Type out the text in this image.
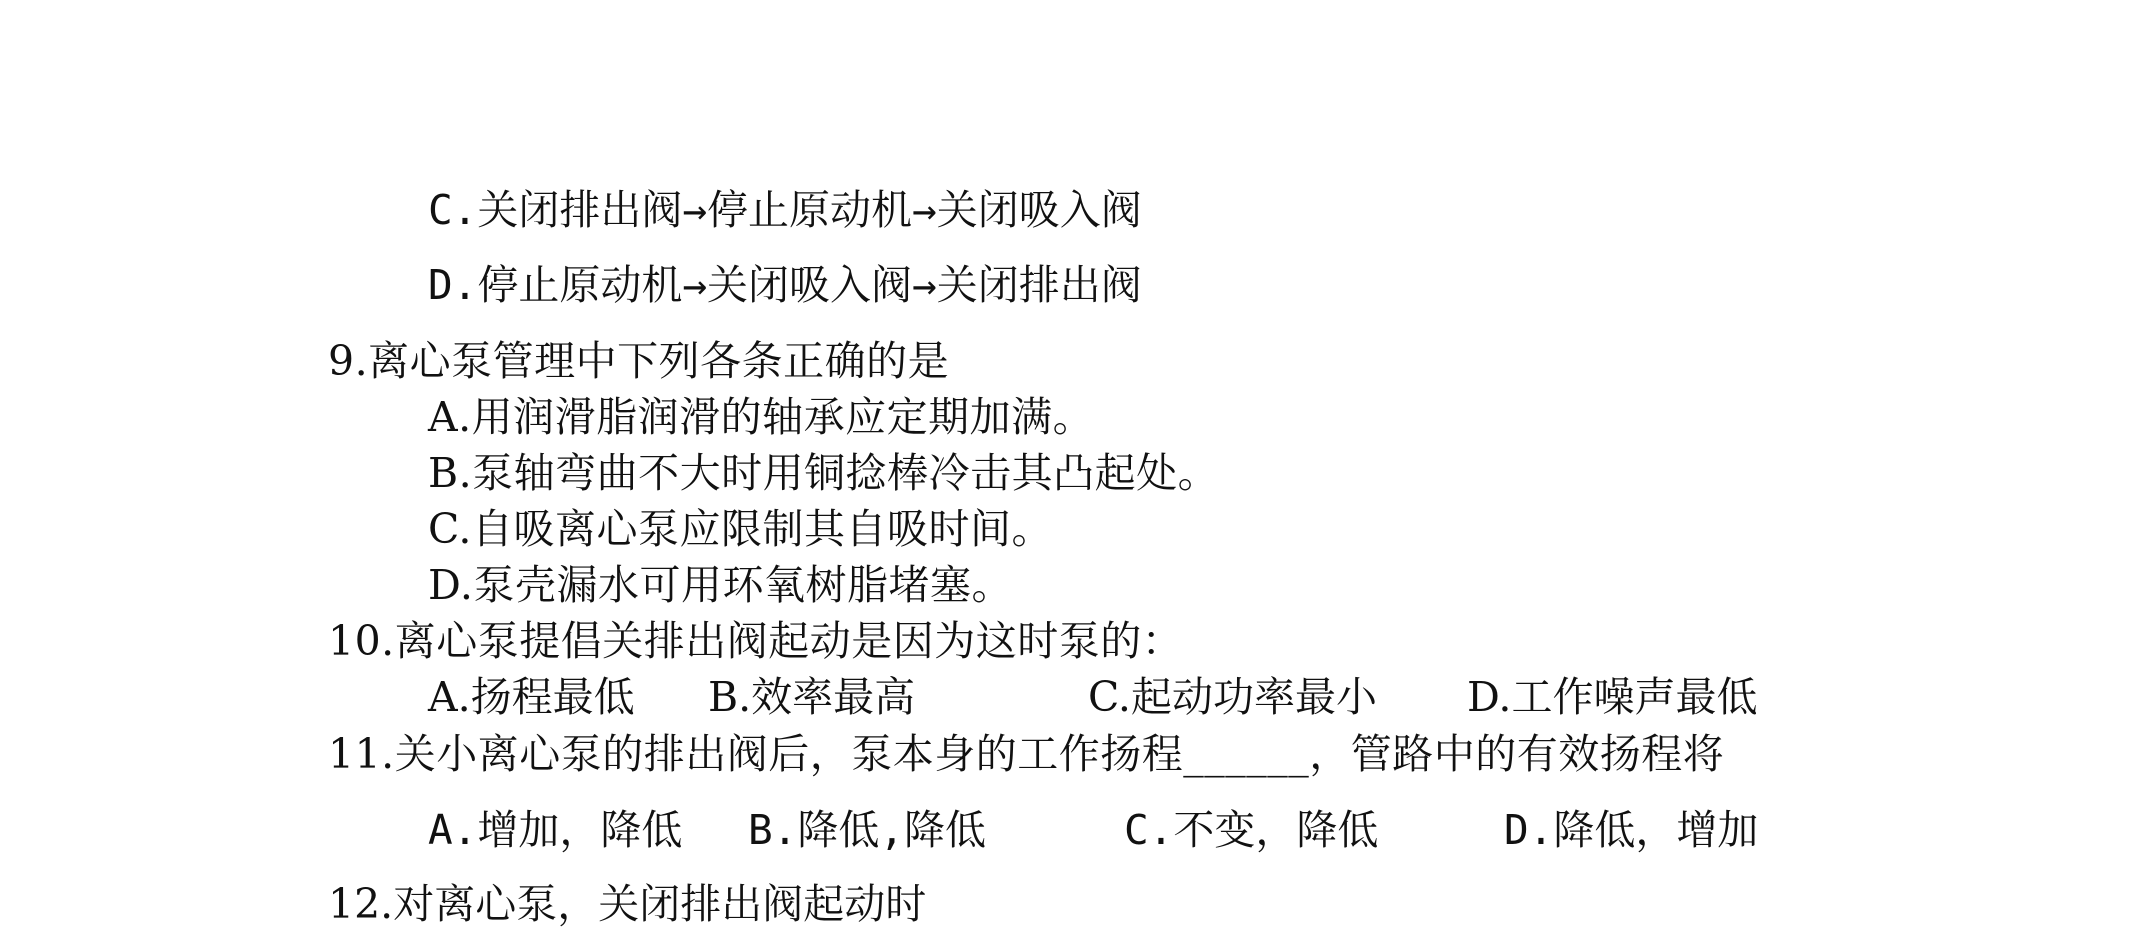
C.关闭排出阀→停止原动机→关闭吸入阀
D.停止原动机→关闭吸入阀→关闭排出阀
9.离心泵管理中下列各条正确的是
A.用润滑脂润滑的轴承应定期加满。
B.泵轴弯曲不大时用铜捻棒冷击其凸起处。
C.自吸离心泵应限制其自吸时间。
D.泵壳漏水可用环氧树脂堵塞。
10.离心泵提倡关排出阀起动是因为这时泵的：
A.扬程最低 B.效率最高	C.起动功率最小 D.工作噪声最低
11.关小离心泵的排出阀后，泵本身的工作扬程______，管路中的有效扬程将
A.增加，降低 B.降低,降低	C.不变，降低	D.降低，增加
12.对离心泵，关闭排出阀起动时
